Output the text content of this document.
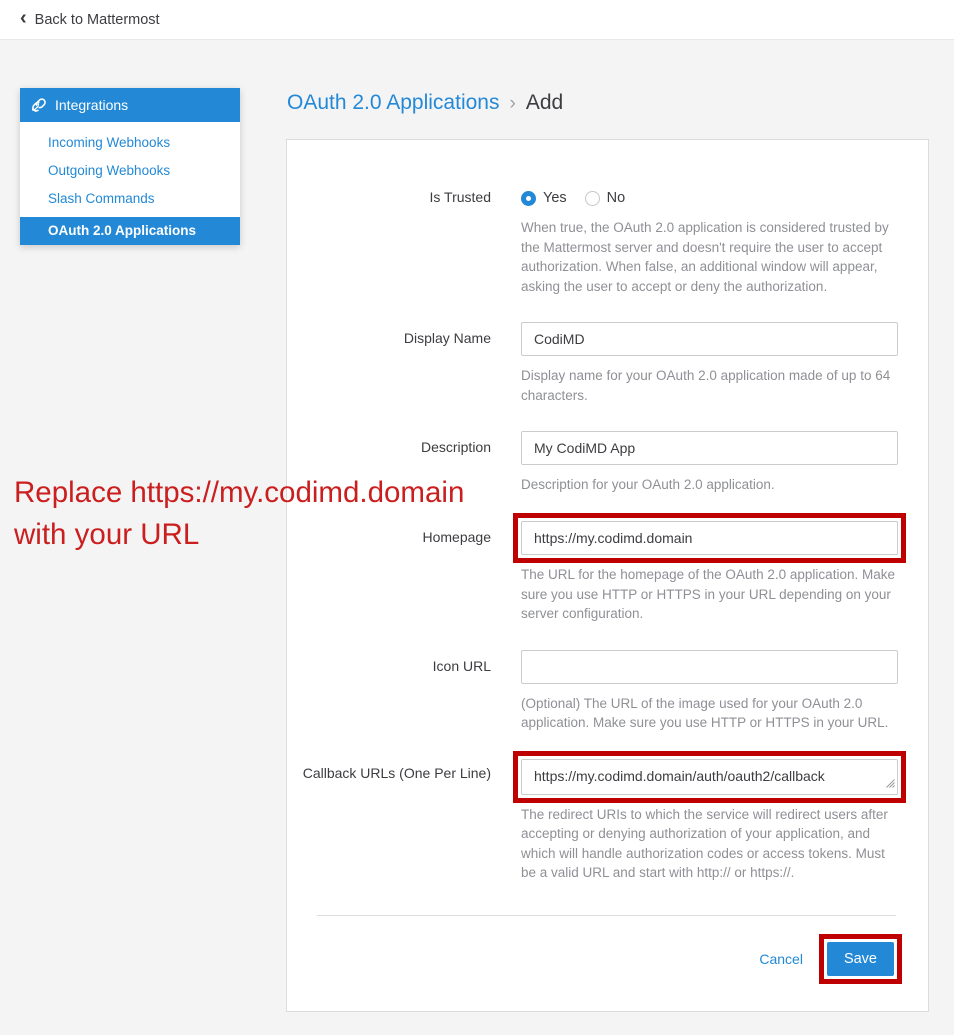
‹ Back to Mattermost
Integrations
Incoming Webhooks
Outgoing Webhooks
Slash Commands
OAuth 2.0 Applications
OAuth 2.0 Applications › Add
Is Trusted	Yes	No

When true, the OAuth 2.0 application is considered trusted by the Mattermost server and doesn't require the user to accept authorization. When false, an additional window will appear, asking the user to accept or deny the authorization.

Display Name
CodiMD

Display name for your OAuth 2.0 application made of up to 64 characters.

Description
My CodiMD App

Description for your OAuth 2.0 application.

Homepage
https://my.codimd.domain

The URL for the homepage of the OAuth 2.0 application. Make sure you use HTTP or HTTPS in your URL depending on your server configuration.

Icon URL

(Optional) The URL of the image used for your OAuth 2.0 application. Make sure you use HTTP or HTTPS in your URL.

Callback URLs (One Per Line)
https://my.codimd.domain/auth/oauth2/callback

The redirect URIs to which the service will redirect users after accepting or denying authorization of your application, and which will handle authorization codes or access tokens. Must be a valid URL and start with http:// or https://.

Cancel	Save
Replace https://my.codimd.domain
with your URL
